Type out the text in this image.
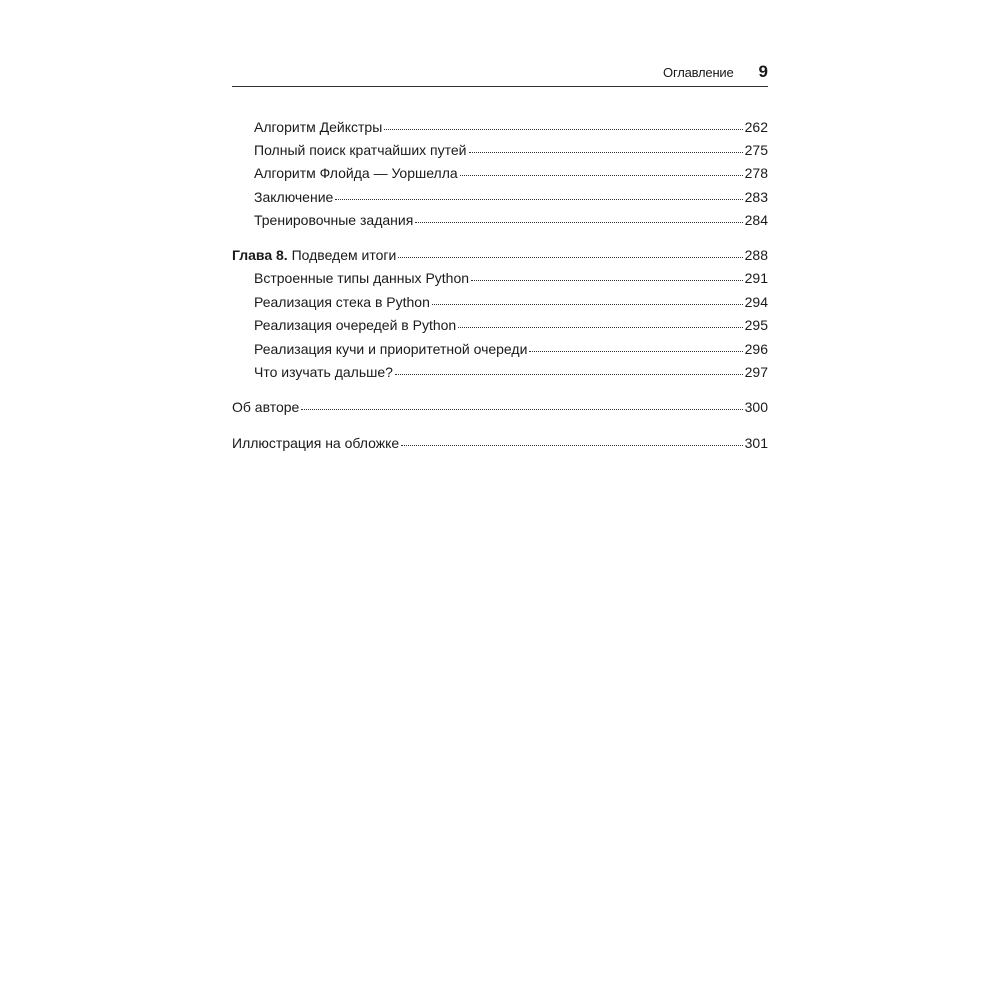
Оглавление 9
Алгоритм Дейкстры	262
Полный поиск кратчайших путей	275
Алгоритм Флойда — Уоршелла	278
Заключение	283
Тренировочные задания	284
Глава 8. Подведем итоги	288
Встроенные типы данных Python	291
Реализация стека в Python	294
Реализация очередей в Python	295
Реализация кучи и приоритетной очереди	296
Что изучать дальше?	297
Об авторе	300
Иллюстрация на обложке	301
